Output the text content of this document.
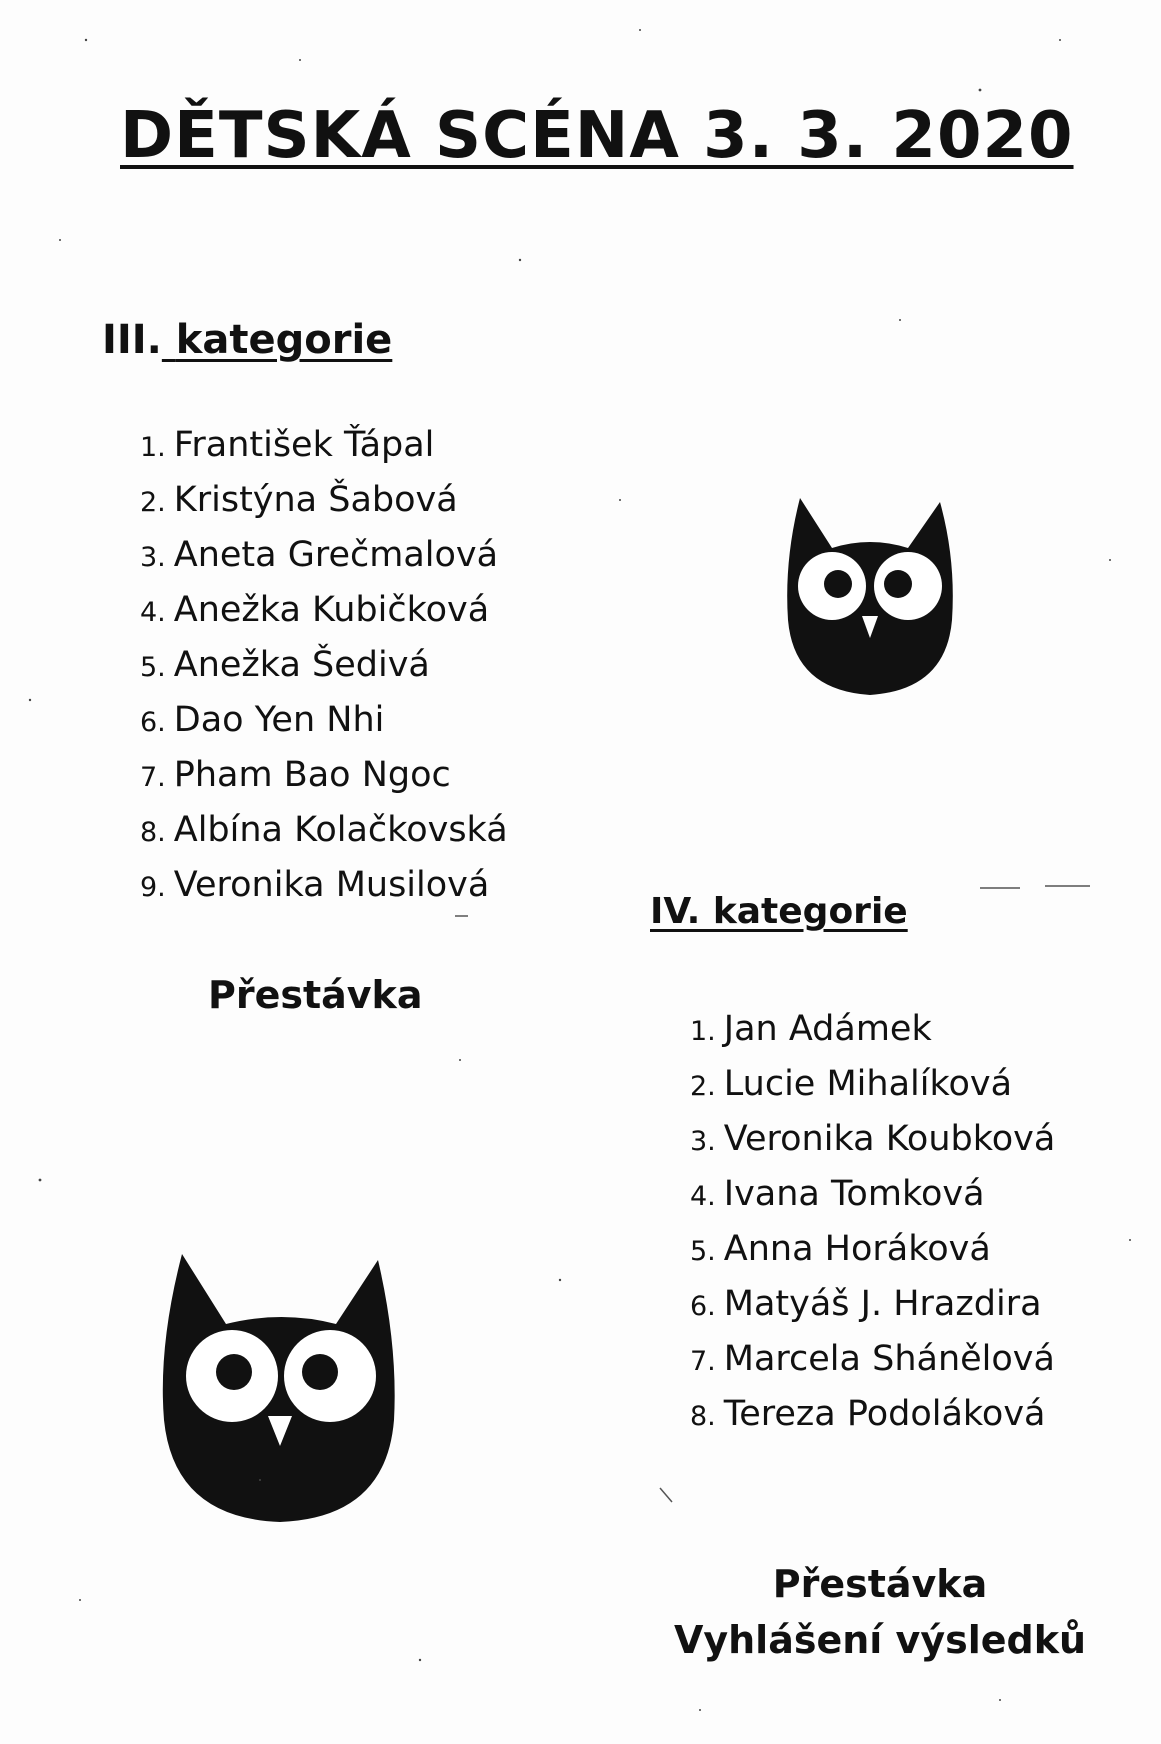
DĚTSKÁ SCÉNA 3. 3. 2020
III. kategorie
1. František Ťápal
2. Kristýna Šabová
3. Aneta Grečmalová
4. Anežka Kubičková
5. Anežka Šedivá
6. Dao Yen Nhi
7. Pham Bao Ngoc
8. Albína Kolačkovská
9. Veronika Musilová
Přestávka
IV. kategorie
1. Jan Adámek
2. Lucie Mihalíková
3. Veronika Koubková
4. Ivana Tomková
5. Anna Horáková
6. Matyáš J. Hrazdira
7. Marcela Shánělová
8. Tereza Podoláková
Přestávka
Vyhlášení výsledků
